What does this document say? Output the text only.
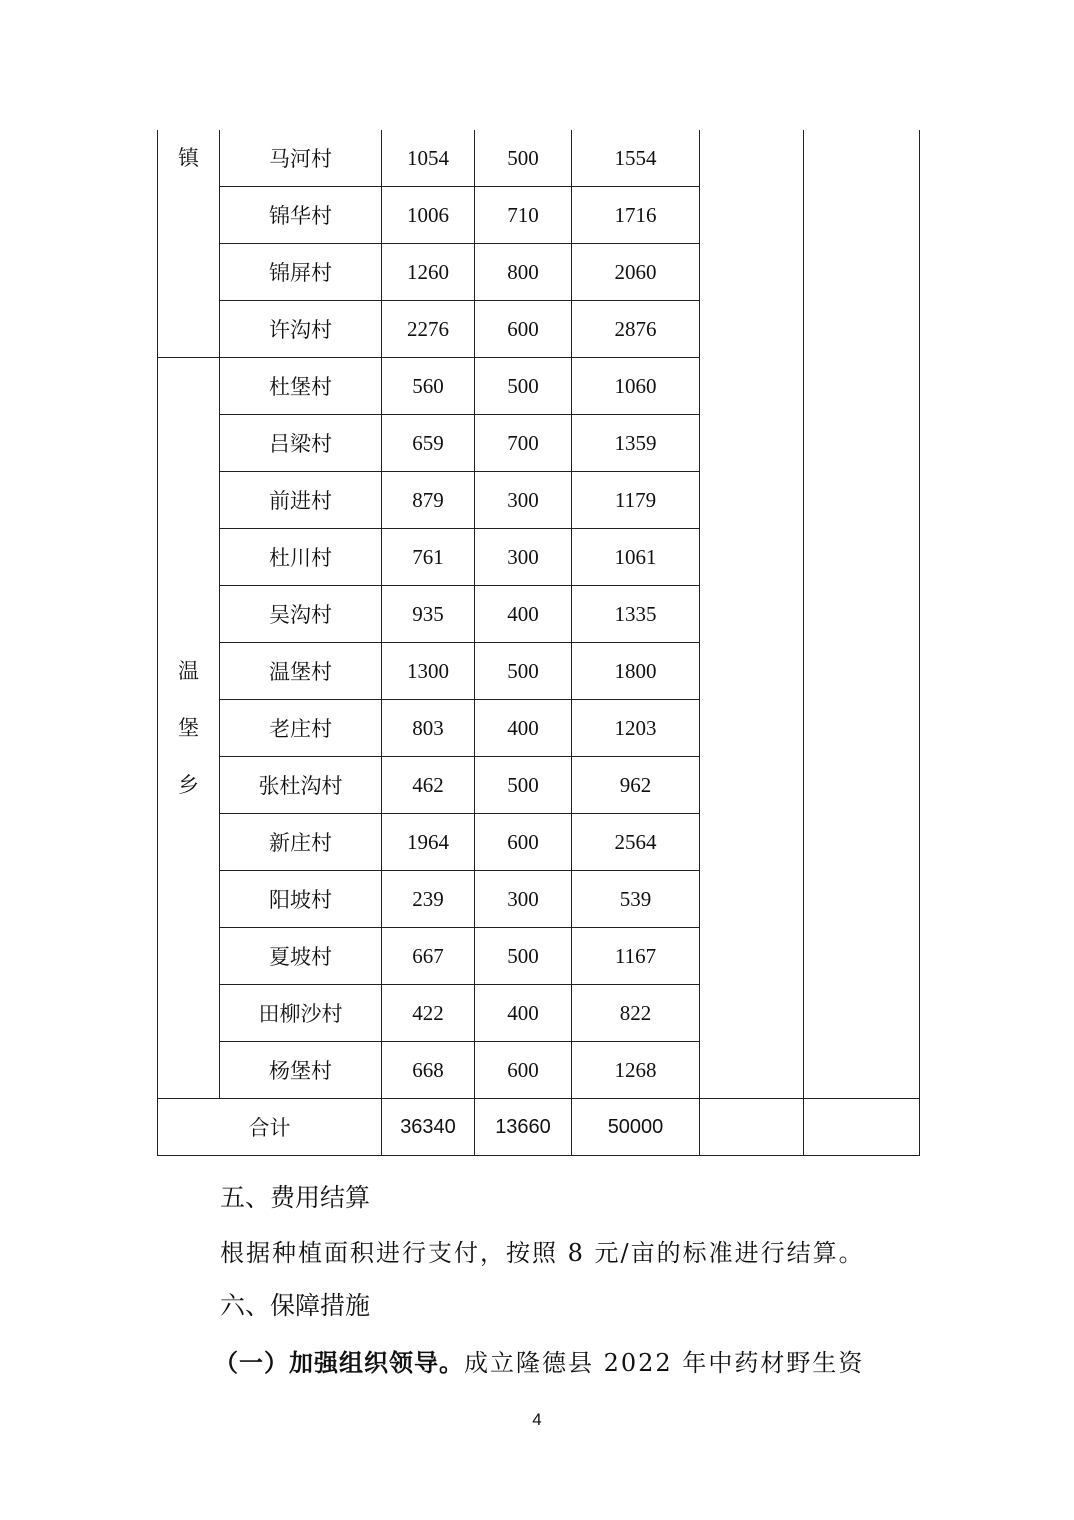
镇	马河村	1054	500	1554		
	锦华村	1006	710	1716		
	锦屏村	1260	800	2060		
	许沟村	2276	600	2876		

温
堡
乡	杜堡村	560	500	1060		
	吕梁村	659	700	1359		
	前进村	879	300	1179		
	杜川村	761	300	1061		
	吴沟村	935	400	1335		
	温堡村	1300	500	1800		
	老庄村	803	400	1203		
	张杜沟村	462	500	962		
	新庄村	1964	600	2564		
	阳坡村	239	300	539		
	夏坡村	667	500	1167		
	田柳沙村	422	400	822		
	杨堡村	668	600	1268		
合计		36340	13660	50000		
五、费用结算
根据种植面积进行支付，按照 8 元/亩的标准进行结算。
六、保障措施
（一）加强组织领导。成立隆德县 2022 年中药材野生资
4
